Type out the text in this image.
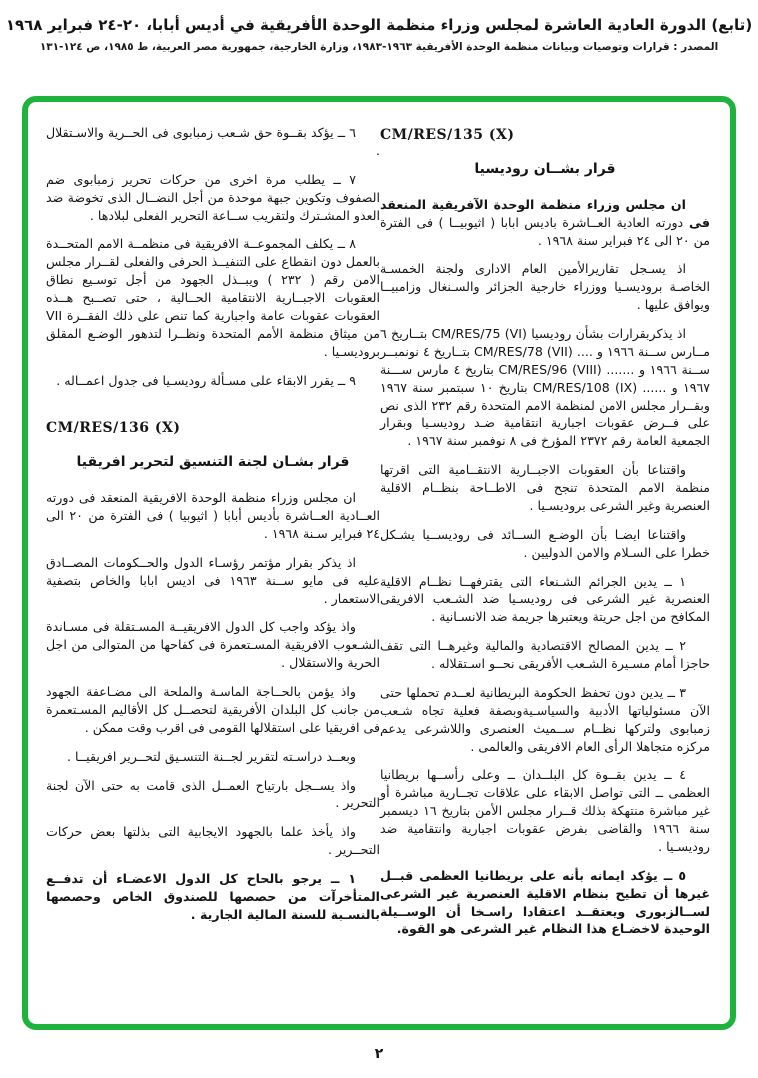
(تابع) الدورة العادية العاشرة لمجلس وزراء منظمة الوحدة الأفريقية في أديس أبابا، ٢٠-٢٤ فبراير ١٩٦٨
المصدر : قرارات وتوصيات وبيانات منظمة الوحدة الأفريقية ١٩٦٣-١٩٨٣، وزارة الخارجية، جمهورية مصر العربية، ط ١٩٨٥، ص ١٢٤-١٣١
CM/RES/135 (X)
قرار بشــان روديسيا
ان مجلس وزراء منظمة الوحدة الآفريقية المنعقد فى دورته العادية العــاشرة باديس ابابا ( اثيوبيــا ) فى الفترة من ٢٠ الى ٢٤ فبراير سنة ١٩٦٨ .
اذ يسـجل تقاريرالأمين العام الادارى ولجنة الخمسـة الخاصـة بروديسـيا ووزراء خارجية الجزائر والسـنغال وزامبيــا ويوافق عليها .
اذ يذكربقرارات بشأن روديسيا CM/RES/75 (VI) بتــاريخ ٦ مــارس ســنة ١٩٦٦ و .... CM/RES/78 (VII) بتــاريخ ٤ نونمبــر ســنة ١٩٦٦ و ....... CM/RES/96 (VIII) بتاريخ ٤ مارس ســـنة ١٩٦٧ و ...... CM/RES/108 (IX) بتاريخ ١٠ سبتمبر سنة ١٩٦٧ وبقــرار مجلس الامن لمنظمة الامم المتحدة رقم ٢٣٢ الذى نص على فــرض عقوبات اجبارية انتقامية ضـد روديسـيا وبقرار الجمعية العامة رقم ٢٣٧٢ المؤرخ فى ٨ نوفمبر سنة ١٩٦٧ .
واقتناعا بأن العقوبات الاجبــارية الانتقــامية التى اقرتها منظمة الامم المتحدة تنجح فى الاطــاحة بنظــام الاقلية العنصرية وغير الشرعى بروديسـيا .
واقتناعا ايضـا بأن الوضـع الســائد فى روديســيا يشـكل خطرا على السـلام والامن الدوليين .
١ ــ يدين الجرائم الشـنعاء التى يقترفهــا نظــام الاقلية العنصرية غير الشرعى فى روديسـيا ضد الشـعب الافريقى المكافح من اجل حريتة ويعتبرها جريمة ضد الانسـانية .
٢ ــ يدين المصالح الاقتصادية والمالية وغيرهــا التى تقف حاجزا أمام مسـيرة الشـعب الأفريقى نحــو اسـتقلاله .
٣ ــ يدين دون تحفظ الحكومة البريطانية لعــدم تحملها حتى الآن مسئولياتها الأدبية والسياسـيةوبصفة فعلية تجاه شـعب زمبابوى ولتركها نظــام ســميث العنصرى واللاشرعى يدعم مركزه متجاهلا الرأى العام الافريقى والعالمى .
٤ ــ يدين بقــوة كل البلــدان ــ وعلى رأســها بريطانيا العظمى ــ التى تواصل الابقاء على علاقات تجــارية مباشرة أو غير مباشرة منتهكة بذلك قــرار مجلس الأمن بتاريخ ١٦ ديسمبر سنة ١٩٦٦ والقاضى بفرض عقوبات اجبارية وانتقامية ضد روديسـيا .
٥ ــ يؤكد ايمانه بأنه على بريطانيا العظمى قبــل غيرها أن تطيح بنظام الاقلية العنصرية غير الشرعى لســالزبورى ويعتقــد اعتقادا راسـخا أن الوســيلة الوحيدة لاخضـاع هذا النظام غير الشرعى هو القوة.
٦ ــ يؤكد بقــوة حق شـعب زمبابوى فى الحــرية والاسـتقلال .
٧ ــ يطلب مرة اخرى من حركات تحرير زمبابوى ضم الصفوف وتكوين جبهة موحدة من أجل النضــال الذى تخوضة ضد العدو المشـترك ولتقريب ســاعة التحرير الفعلى لبلادها .
٨ ــ يكلف المجموعــة الافريقية فى منظمــة الامم المتحــدة بالعمل دون انقطاع على التنفيــذ الحرفى والفعلى لقــرار مجلس الامن رقم ( ٢٣٢ ) ويبــذل الجهود من أجل توسـيع نطاق العقوبات الاجبــارية الانتقامية الحــالية ، حتى تصــبح هــذه العقوبات عقوبات عامة واجبارية كما تنص على ذلك الفقــرة VII من ميثاق منظمة الأمم المتحدة ونظــرا لتدهور الوضـع المقلق بروديسـيا .
٩ ــ يقرر الابقاء على مسـألة روديسـيا فى جدول اعمــاله .
CM/RES/136 (X)
قرار بشـان لجنة التنسيق لتحرير افريقيا
ان مجلس وزراء منظمة الوحدة الافريقية المنعقد فى دورته العــادية العــاشرة بأديس أبابا ( اثيوبيا ) فى الفترة من ٢٠ الى ٢٤ فبراير سـنة ١٩٦٨ .
اذ يذكر بقرار مؤتمر رؤسـاء الدول والحــكومات المصــادق عليه فى مايو ســنة ١٩٦٣ فى اديس ابابا والخاص بتصفية الاستعمار .
واذ يؤكد واجب كل الدول الافريقيــة المسـتقلة فى مسـاندة الشـعوب الافريقية المسـتعمرة فى كفاحها من المتوالى من اجل الحرية والاستقلال .
واذ يؤمن بالحــاجة الماسـة والملحة الى مضـاعفة الجهود من جانب كل البلدان الأفريقية لتحصــل كل الأقاليم المسـتعمرة فى افريقيا على استقلالها القومى فى اقرب وقت ممكن .
وبعــد دراسـته لتقرير لجــنة التنسـيق لتحــرير افريقيــا .
واذ يســجل بارتياح العمــل الذى قامت به حتى الآن لجنة التحرير .
واذ يأخذ علما بالجهود الايجابية التى بذلتها بعض حركات التحــرير .
١ ــ يرجو بالحاح كل الدول الاعضـاء أن تدفــع المتأخرآت من حصصها للصندوق الخاص وحصصها بالنسـبة للسنة المالية الجارية .
٢
